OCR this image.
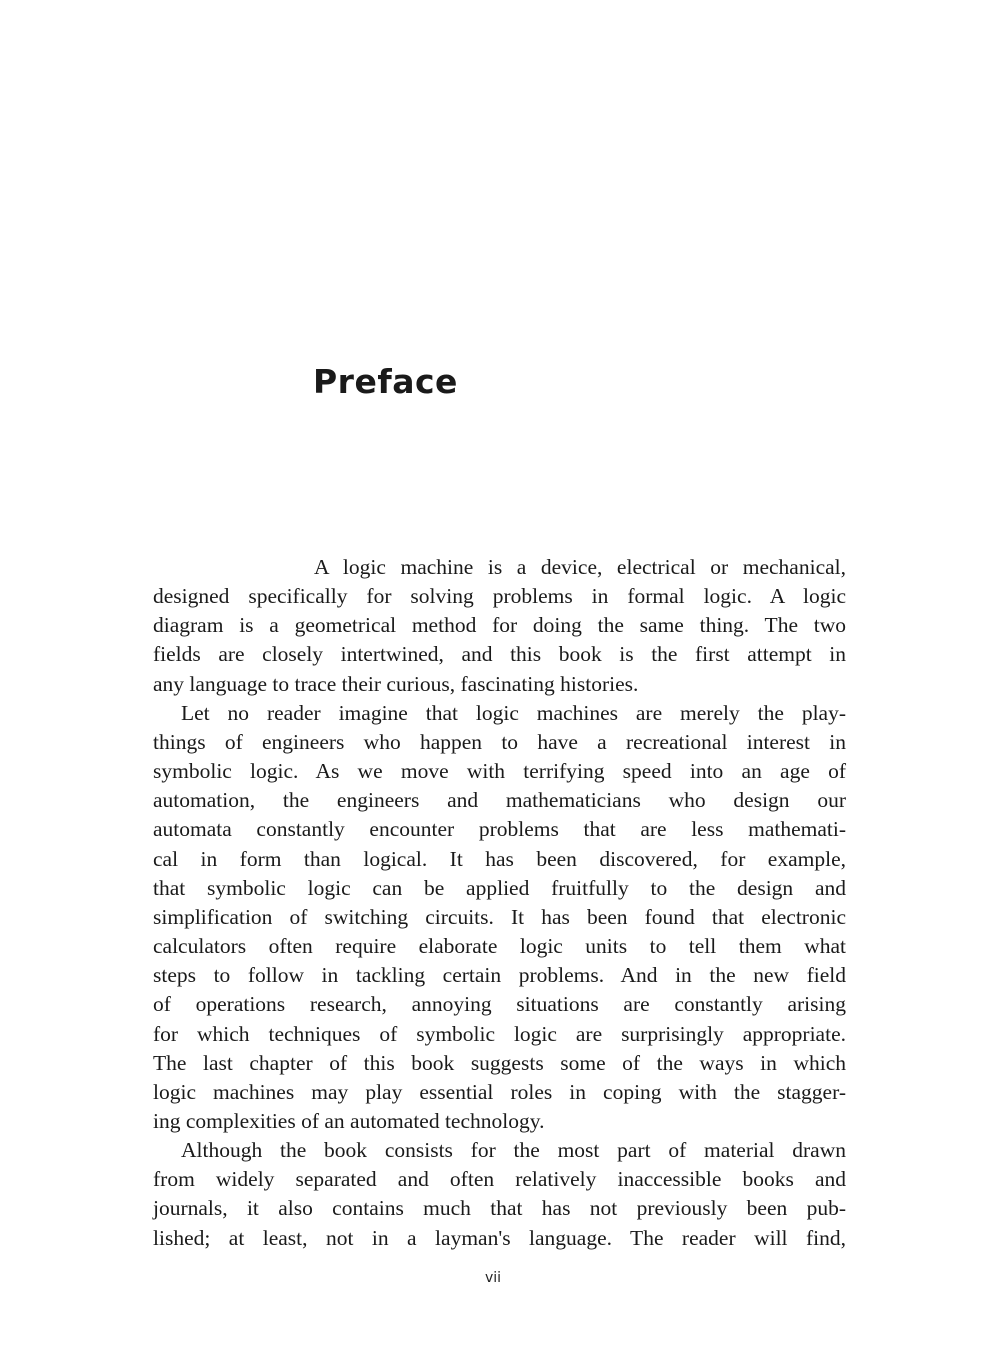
Preface

A logic machine is a device, electrical or mechanical,
designed specifically for solving problems in formal logic. A logic
diagram is a geometrical method for doing the same thing. The two
fields are closely intertwined, and this book is the first attempt in
any language to trace their curious, fascinating histories.

Let no reader imagine that logic machines are merely the play-
things of engineers who happen to have a recreational interest in
symbolic logic. As we move with terrifying speed into an age of
automation, the engineers and mathematicians who design our
automata constantly encounter problems that are less mathemati-
cal in form than logical. It has been discovered, for example,
that symbolic logic can be applied fruitfully to the design and
simplification of switching circuits. It has been found that electronic
calculators often require elaborate logic units to tell them what
steps to follow in tackling certain problems. And in the new field
of operations research, annoying situations are constantly arising
for which techniques of symbolic logic are surprisingly appropriate.
The last chapter of this book suggests some of the ways in which
logic machines may play essential roles in coping with the stagger-
ing complexities of an automated technology.

Although the book consists for the most part of material drawn
from widely separated and often relatively inaccessible books and
journals, it also contains much that has not previously been pub-
lished; at least, not in a layman's language. The reader will find,

vii
